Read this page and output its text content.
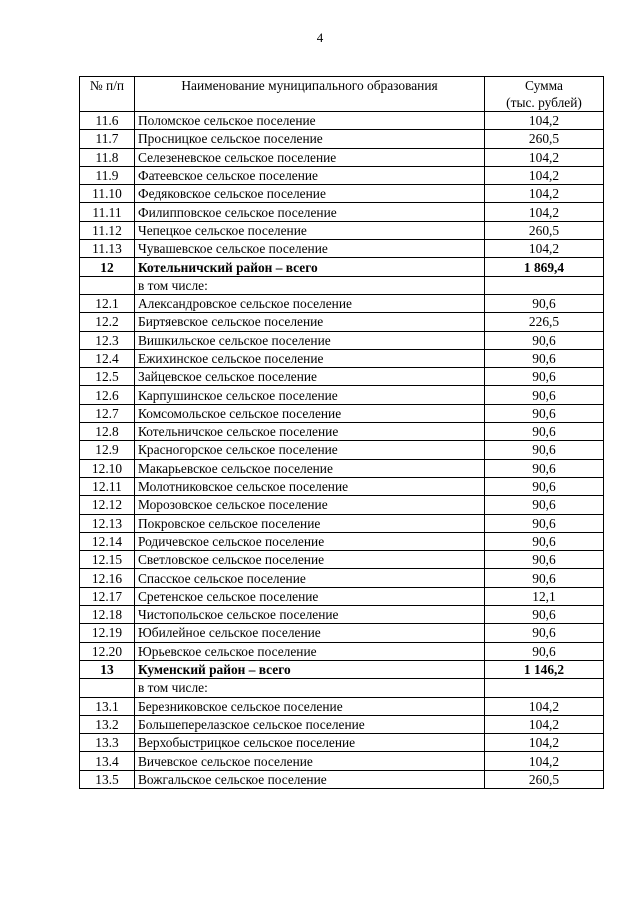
4
№ п/п	Наименование муниципального образования	Сумма
(тыс. рублей)

11.6	Поломское сельское поселение	104,2
11.7	Просницкое сельское поселение	260,5
11.8	Селезеневское сельское поселение	104,2
11.9	Фатеевское сельское поселение	104,2
11.10	Федяковское сельское поселение	104,2
11.11	Филипповское сельское поселение	104,2
11.12	Чепецкое сельское поселение	260,5
11.13	Чувашевское сельское поселение	104,2
12	Котельничский район – всего	1 869,4
	в том числе:	
12.1	Александровское сельское поселение	90,6
12.2	Биртяевское сельское поселение	226,5
12.3	Вишкильское сельское поселение	90,6
12.4	Ежихинское сельское поселение	90,6
12.5	Зайцевское сельское поселение	90,6
12.6	Карпушинское сельское поселение	90,6
12.7	Комсомольское сельское поселение	90,6
12.8	Котельничское сельское поселение	90,6
12.9	Красногорское сельское поселение	90,6
12.10	Макарьевское сельское поселение	90,6
12.11	Молотниковское сельское поселение	90,6
12.12	Морозовское сельское поселение	90,6
12.13	Покровское сельское поселение	90,6
12.14	Родичевское сельское поселение	90,6
12.15	Светловское сельское поселение	90,6
12.16	Спасское сельское поселение	90,6
12.17	Сретенское сельское поселение	12,1
12.18	Чистопольское сельское поселение	90,6
12.19	Юбилейное сельское поселение	90,6
12.20	Юрьевское сельское поселение	90,6
13	Куменский район – всего	1 146,2
	в том числе:	
13.1	Березниковское сельское поселение	104,2
13.2	Большеперелазское сельское поселение	104,2
13.3	Верхобыстрицкое сельское поселение	104,2
13.4	Вичевское сельское поселение	104,2
13.5	Вожгальское сельское поселение	260,5
